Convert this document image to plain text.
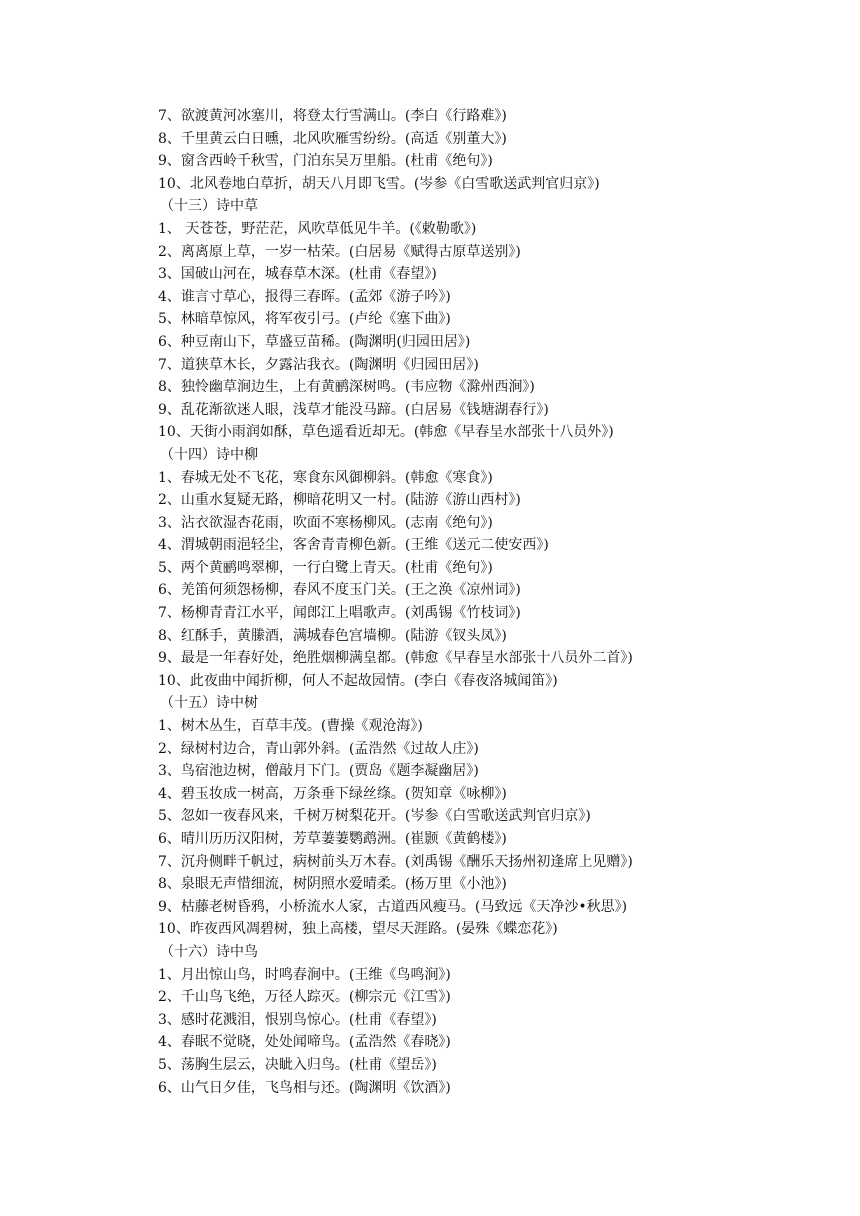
7、欲渡黄河冰塞川，将登太行雪满山。(李白《行路难》)
8、千里黄云白日曛，北风吹雁雪纷纷。(高适《别董大》)
9、窗含西岭千秋雪，门泊东吴万里船。(杜甫《绝句》)
10、北风卷地白草折，胡天八月即飞雪。(岑参《白雪歌送武判官归京》)
（十三）诗中草
1、 天苍苍，野茫茫，风吹草低见牛羊。(《敕勒歌》)
2、离离原上草，一岁一枯荣。(白居易《赋得古原草送别》)
3、国破山河在，城春草木深。(杜甫《春望》)
4、谁言寸草心，报得三春晖。(孟郊《游子吟》)
5、林暗草惊风，将军夜引弓。(卢纶《塞下曲》)
6、种豆南山下，草盛豆苗稀。(陶渊明(归园田居》)
7、道狭草木长，夕露沾我衣。(陶渊明《归园田居》)
8、独怜幽草涧边生，上有黄鹂深树鸣。(韦应物《滁州西涧》)
9、乱花渐欲迷人眼，浅草才能没马蹄。(白居易《钱塘湖春行》)
10、天街小雨润如酥，草色遥看近却无。(韩愈《早春呈水部张十八员外》)
（十四）诗中柳
1、春城无处不飞花，寒食东风御柳斜。(韩愈《寒食》)
2、山重水复疑无路，柳暗花明又一村。(陆游《游山西村》)
3、沾衣欲湿杏花雨，吹面不寒杨柳风。(志南《绝句》)
4、渭城朝雨浥轻尘，客舍青青柳色新。(王维《送元二使安西》)
5、两个黄鹂鸣翠柳，一行白鹭上青天。(杜甫《绝句》)
6、羌笛何须怨杨柳，春风不度玉门关。(王之涣《凉州词》)
7、杨柳青青江水平，闻郎江上唱歌声。(刘禹锡《竹枝词》)
8、红酥手，黄縢酒，满城春色宫墙柳。(陆游《钗头凤》)
9、最是一年春好处，绝胜烟柳满皇都。(韩愈《早春呈水部张十八员外二首》)
10、此夜曲中闻折柳，何人不起故园情。(李白《春夜洛城闻笛》)
（十五）诗中树
1、树木丛生，百草丰茂。(曹操《观沧海》)
2、绿树村边合，青山郭外斜。(孟浩然《过故人庄》)
3、鸟宿池边树，僧敲月下门。(贾岛《题李凝幽居》)
4、碧玉妆成一树高，万条垂下绿丝绦。(贺知章《咏柳》)
5、忽如一夜春风来，千树万树梨花开。(岑参《白雪歌送武判官归京》)
6、晴川历历汉阳树，芳草萋萋鹦鹉洲。(崔颢《黄鹤楼》)
7、沉舟侧畔千帆过，病树前头万木春。(刘禹锡《酬乐天扬州初逢席上见赠》)
8、泉眼无声惜细流，树阴照水爱晴柔。(杨万里《小池》)
9、枯藤老树昏鸦，小桥流水人家，古道西风瘦马。(马致远《天净沙•秋思》)
10、昨夜西风凋碧树，独上高楼，望尽天涯路。(晏殊《蝶恋花》)
（十六）诗中鸟
1、月出惊山鸟，时鸣春涧中。(王维《鸟鸣涧》)
2、千山鸟飞绝，万径人踪灭。(柳宗元《江雪》)
3、感时花溅泪，恨别鸟惊心。(杜甫《春望》)
4、春眠不觉晓，处处闻啼鸟。(孟浩然《春晓》)
5、荡胸生层云，决眦入归鸟。(杜甫《望岳》)
6、山气日夕佳，飞鸟相与还。(陶渊明《饮酒》)
